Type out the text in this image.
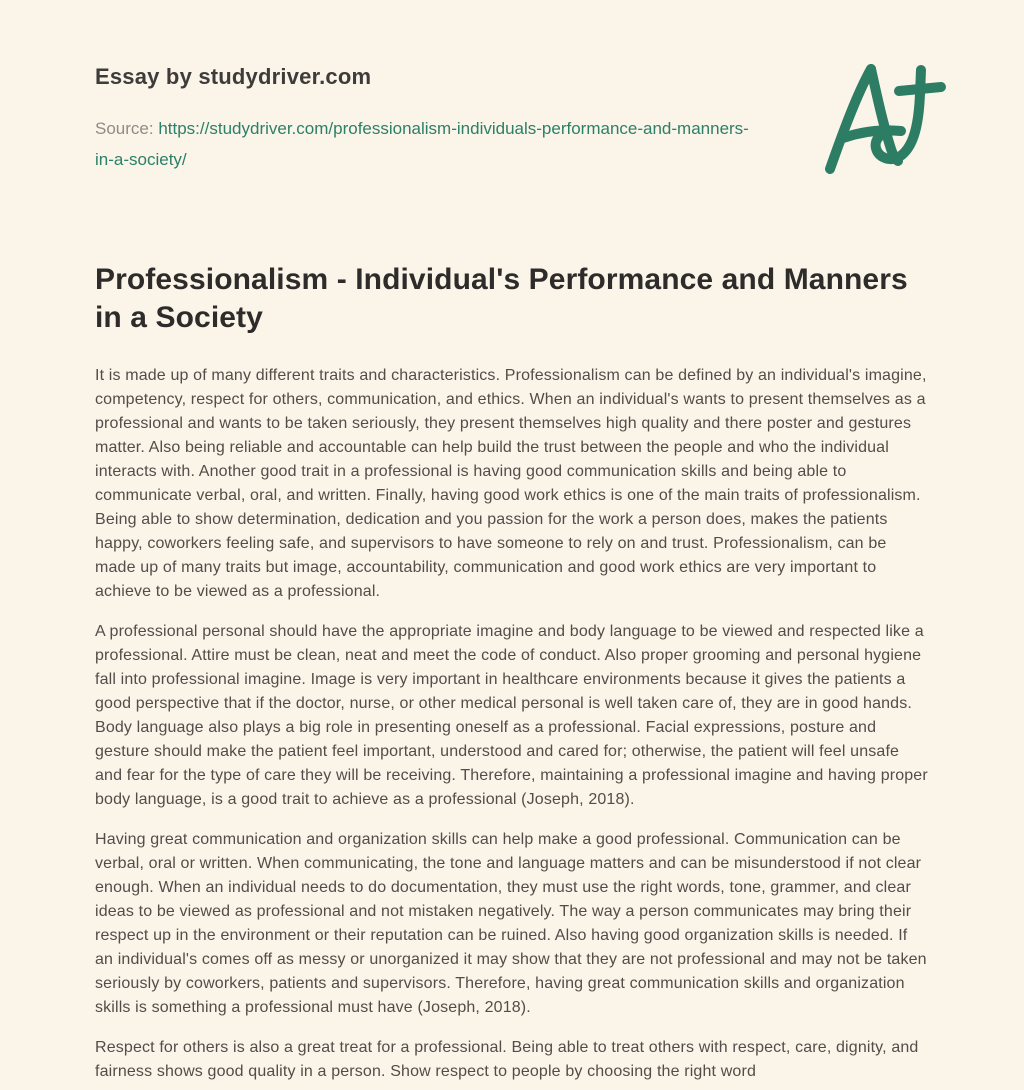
Essay by studydriver.com

Source: https://studydriver.com/professionalism-individuals-performance-and-manners-in-a-society/

Professionalism - Individual's Performance and Manners in a Society

It is made up of many different traits and characteristics. Professionalism can be defined by an individual's imagine, competency, respect for others, communication, and ethics. When an individual's wants to present themselves as a professional and wants to be taken seriously, they present themselves high quality and there poster and gestures matter. Also being reliable and accountable can help build the trust between the people and who the individual interacts with. Another good trait in a professional is having good communication skills and being able to communicate verbal, oral, and written. Finally, having good work ethics is one of the main traits of professionalism. Being able to show determination, dedication and you passion for the work a person does, makes the patients happy, coworkers feeling safe, and supervisors to have someone to rely on and trust. Professionalism, can be made up of many traits but image, accountability, communication and good work ethics are very important to achieve to be viewed as a professional.

A professional personal should have the appropriate imagine and body language to be viewed and respected like a professional. Attire must be clean, neat and meet the code of conduct. Also proper grooming and personal hygiene fall into professional imagine. Image is very important in healthcare environments because it gives the patients a good perspective that if the doctor, nurse, or other medical personal is well taken care of, they are in good hands. Body language also plays a big role in presenting oneself as a professional. Facial expressions, posture and gesture should make the patient feel important, understood and cared for; otherwise, the patient will feel unsafe and fear for the type of care they will be receiving. Therefore, maintaining a professional imagine and having proper body language, is a good trait to achieve as a professional (Joseph, 2018).

Having great communication and organization skills can help make a good professional. Communication can be verbal, oral or written. When communicating, the tone and language matters and can be misunderstood if not clear enough. When an individual needs to do documentation, they must use the right words, tone, grammer, and clear ideas to be viewed as professional and not mistaken negatively. The way a person communicates may bring their respect up in the environment or their reputation can be ruined. Also having good organization skills is needed. If an individual's comes off as messy or unorganized it may show that they are not professional and may not be taken seriously by coworkers, patients and supervisors. Therefore, having great communication skills and organization skills is something a professional must have (Joseph, 2018).

Respect for others is also a great treat for a professional. Being able to treat others with respect, care, dignity, and fairness shows good quality in a person. Show respect to people by choosing the right word
